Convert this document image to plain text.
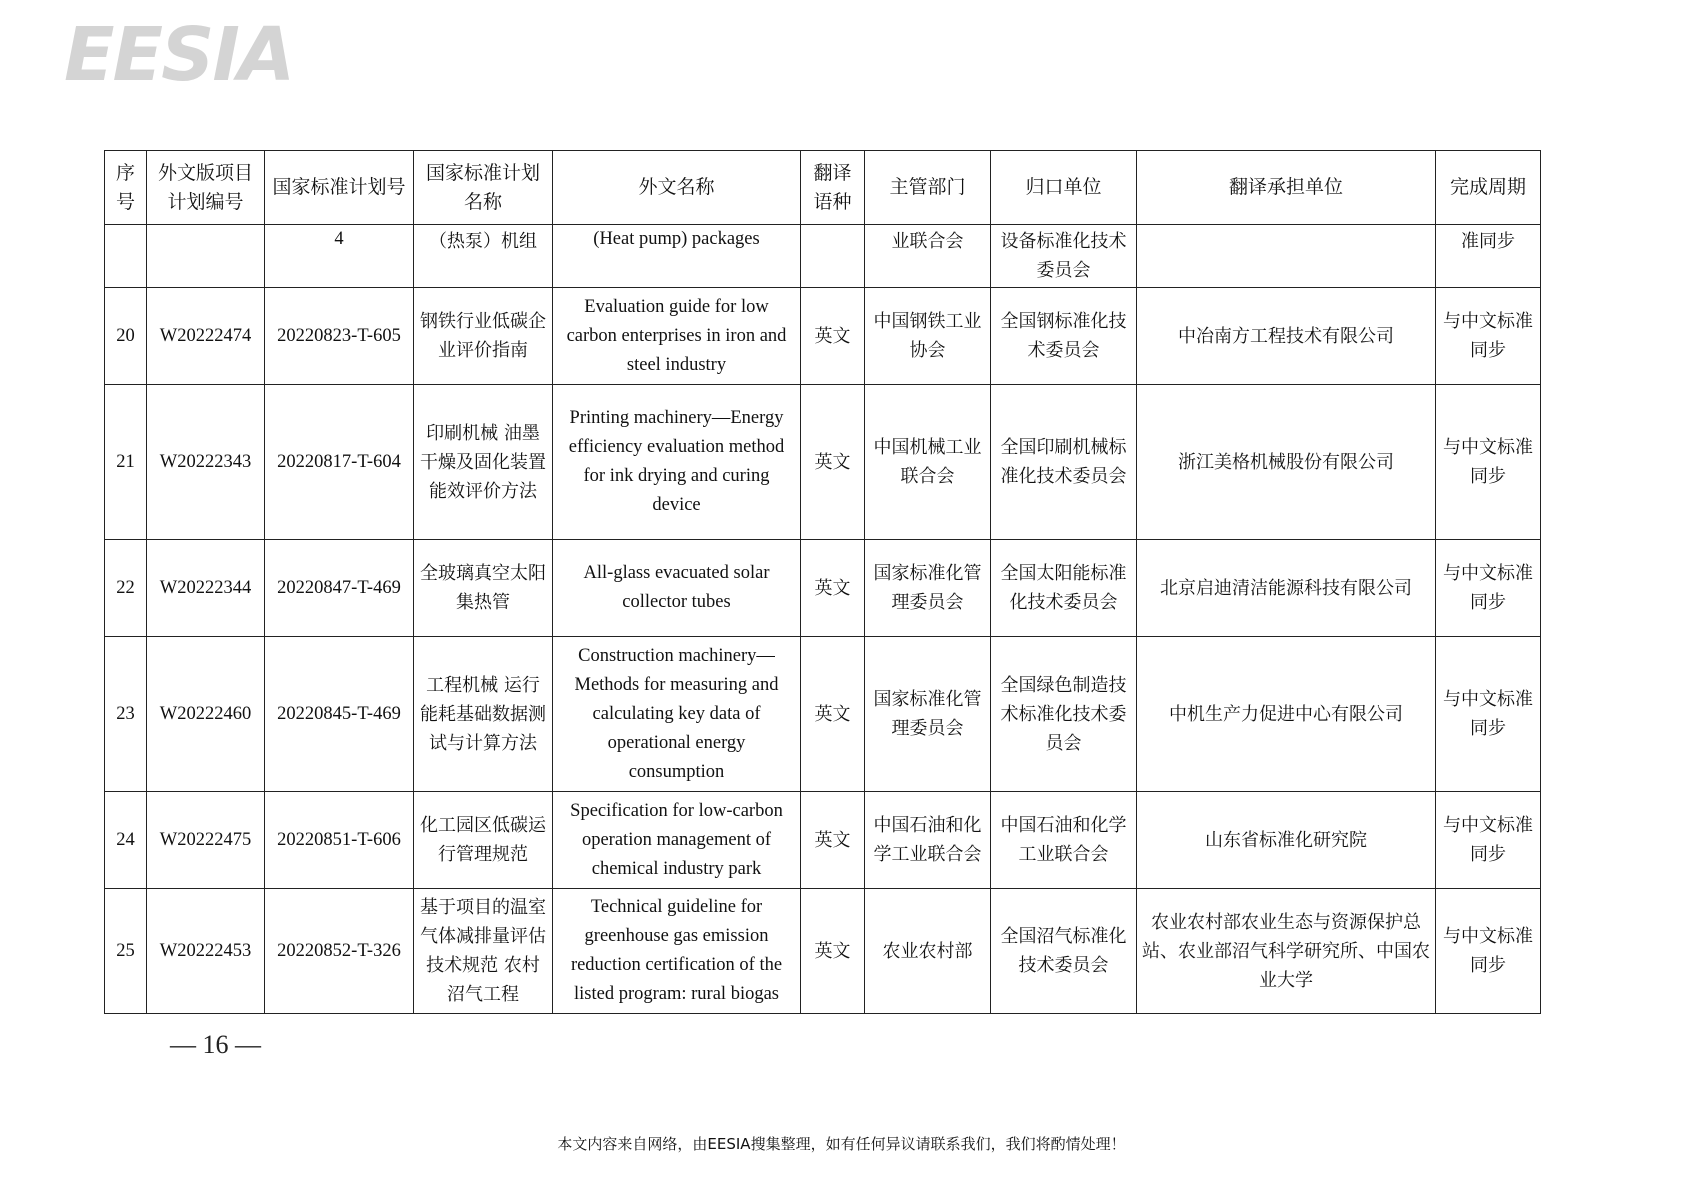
EESIA
序号	外文版项目计划编号	国家标准计划号	国家标准计划名称	外文名称	翻译语种	主管部门	归口单位	翻译承担单位	完成周期
		4	（热泵）机组	(Heat pump) packages		业联合会	设备标准化技术委员会		准同步
20	W20222474	20220823-T-605	钢铁行业低碳企业评价指南	Evaluation guide for low carbon enterprises in iron and steel industry	英文	中国钢铁工业协会	全国钢标准化技术委员会	中冶南方工程技术有限公司	与中文标准同步
21	W20222343	20220817-T-604	印刷机械 油墨干燥及固化装置能效评价方法	Printing machinery—Energy efficiency evaluation method for ink drying and curing device	英文	中国机械工业联合会	全国印刷机械标准化技术委员会	浙江美格机械股份有限公司	与中文标准同步
22	W20222344	20220847-T-469	全玻璃真空太阳集热管	All-glass evacuated solar collector tubes	英文	国家标准化管理委员会	全国太阳能标准化技术委员会	北京启迪清洁能源科技有限公司	与中文标准同步
23	W20222460	20220845-T-469	工程机械 运行能耗基础数据测试与计算方法	Construction machinery—Methods for measuring and calculating key data of operational energy consumption	英文	国家标准化管理委员会	全国绿色制造技术标准化技术委员会	中机生产力促进中心有限公司	与中文标准同步
24	W20222475	20220851-T-606	化工园区低碳运行管理规范	Specification for low-carbon operation management of chemical industry park	英文	中国石油和化学工业联合会	中国石油和化学工业联合会	山东省标准化研究院	与中文标准同步
25	W20222453	20220852-T-326	基于项目的温室气体减排量评估技术规范 农村沼气工程	Technical guideline for greenhouse gas emission reduction certification of the listed program: rural biogas	英文	农业农村部	全国沼气标准化技术委员会	农业农村部农业生态与资源保护总站、农业部沼气科学研究所、中国农业大学	与中文标准同步
— 16 —
本文内容来自网络，由EESIA搜集整理，如有任何异议请联系我们，我们将酌情处理！
